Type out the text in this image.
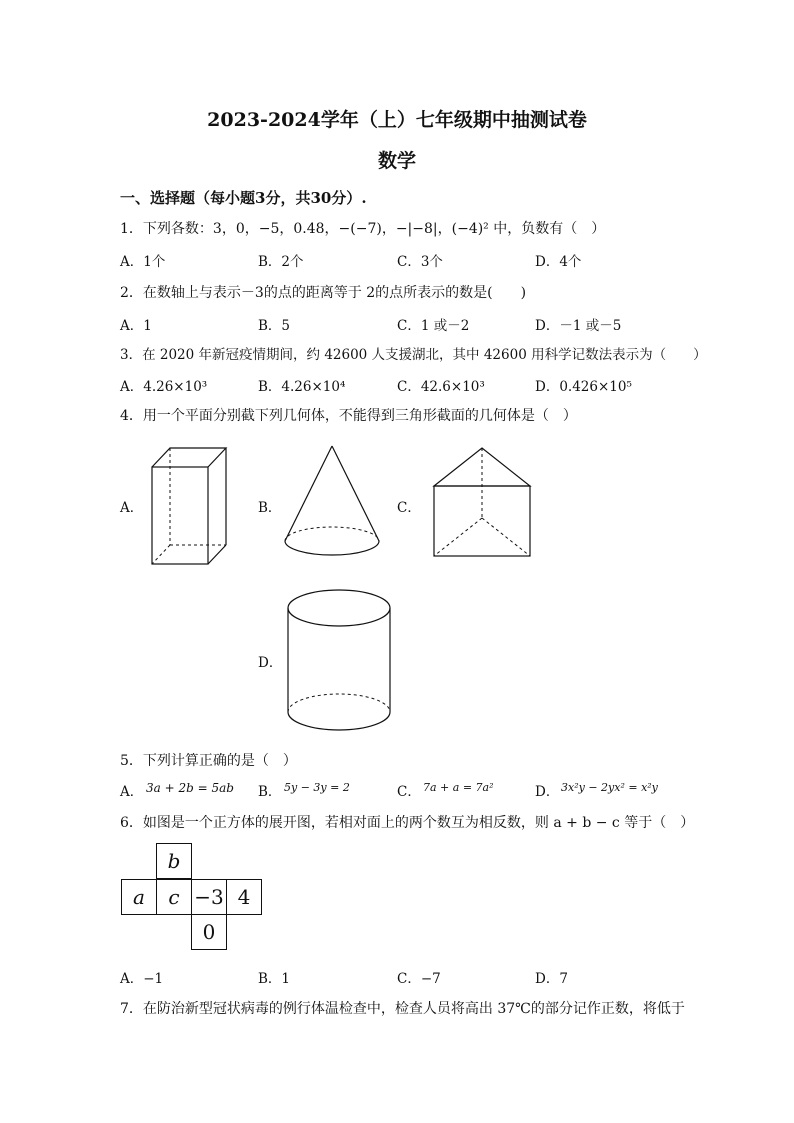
2023-2024学年（上）七年级期中抽测试卷
数学
一、选择题（每小题3分，共30分）.
1．下列各数：3，0，−5，0.48，−(−7)，−|−8|，(−4)² 中，负数有（　）
A．1个	B．2个	C．3个	D．4个
2．在数轴上与表示－3的点的距离等于 2的点所表示的数是(　　)
A．1	B．5	C．1 或－2	D．－1 或－5
3．在 2020 年新冠疫情期间，约 42600 人支援湖北，其中 42600 用科学记数法表示为（　　）
A．4.26×10³	B．4.26×10⁴	C．42.6×10³	D．0.426×10⁵
4．用一个平面分别截下列几何体，不能得到三角形截面的几何体是（　）
A．	B．	C．
D．
5．下列计算正确的是（　）
A． 3a + 2b = 5ab B． 5y − 3y = 2	C． 7a + a = 7a²	D． 3x²y − 2yx² = x²y
6．如图是一个正方体的展开图，若相对面上的两个数互为相反数，则 a + b − c 等于（　）
b
a	c −3 4
0
A．−1	B．1	C．−7	D．7
7．在防治新型冠状病毒的例行体温检查中，检查人员将高出 37℃的部分记作正数，将低于
